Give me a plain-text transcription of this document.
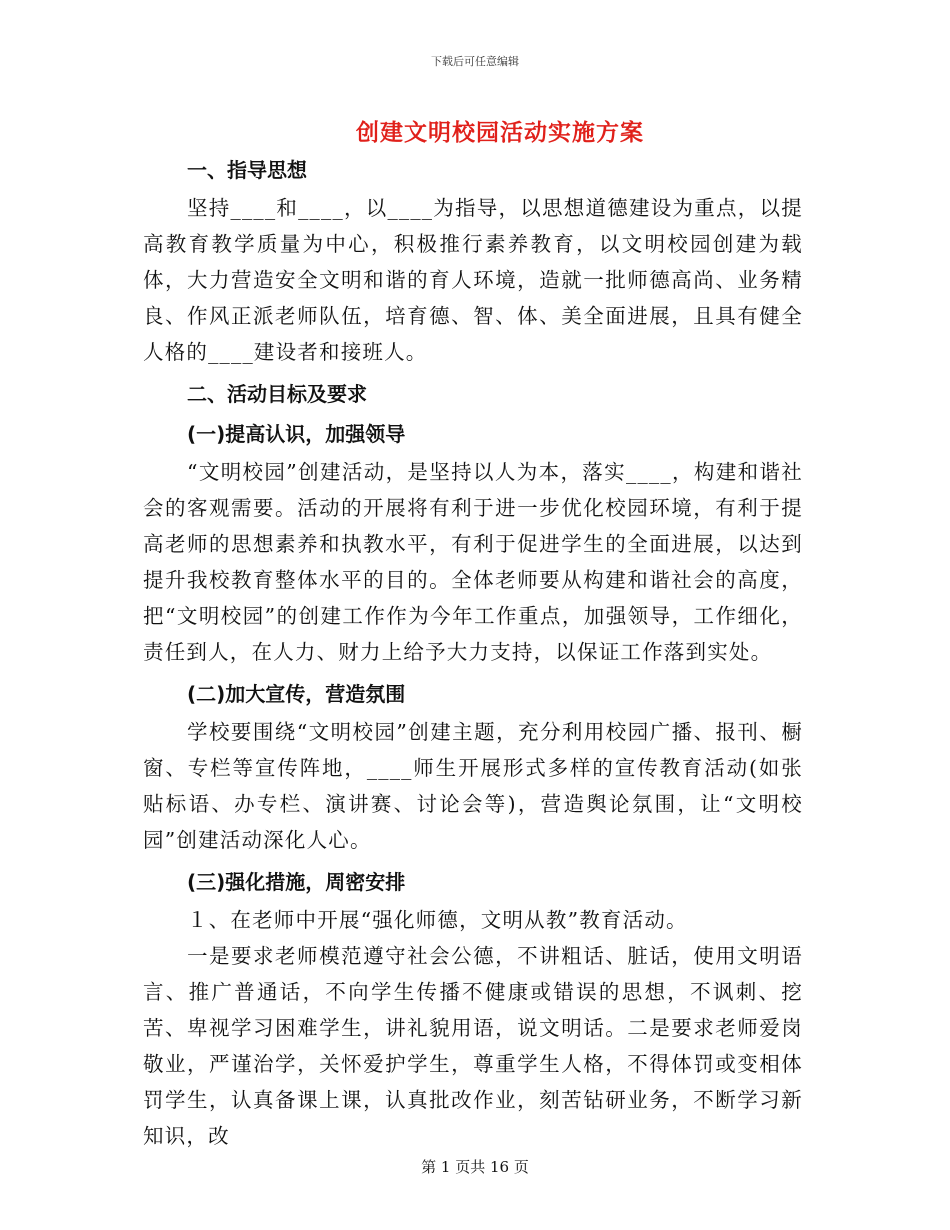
下载后可任意编辑
创建文明校园活动实施方案
一、指导思想

坚持____和____，以____为指导，以思想道德建设为重点，以提高教育教学质量为中心，积极推行素养教育，以文明校园创建为载体，大力营造安全文明和谐的育人环境，造就一批师德高尚、业务精良、作风正派老师队伍，培育德、智、体、美全面进展，且具有健全人格的____建设者和接班人。

二、活动目标及要求
(一)提高认识，加强领导

“文明校园”创建活动，是坚持以人为本，落实____，构建和谐社会的客观需要。活动的开展将有利于进一步优化校园环境，有利于提高老师的思想素养和执教水平，有利于促进学生的全面进展，以达到提升我校教育整体水平的目的。全体老师要从构建和谐社会的高度，把“文明校园”的创建工作作为今年工作重点，加强领导，工作细化，责任到人，在人力、财力上给予大力支持，以保证工作落到实处。

(二)加大宣传，营造氛围

学校要围绕“文明校园”创建主题，充分利用校园广播、报刊、橱窗、专栏等宣传阵地，____师生开展形式多样的宣传教育活动(如张贴标语、办专栏、演讲赛、讨论会等)，营造舆论氛围，让“文明校园”创建活动深化人心。

(三)强化措施，周密安排

１、在老师中开展“强化师德，文明从教”教育活动。

一是要求老师模范遵守社会公德，不讲粗话、脏话，使用文明语言、推广普通话，不向学生传播不健康或错误的思想，不讽刺、挖苦、卑视学习困难学生，讲礼貌用语，说文明话。二是要求老师爱岗敬业，严谨治学，关怀爱护学生，尊重学生人格，不得体罚或变相体罚学生，认真备课上课，认真批改作业，刻苦钻研业务，不断学习新知识，改

第 1 页共 16 页
